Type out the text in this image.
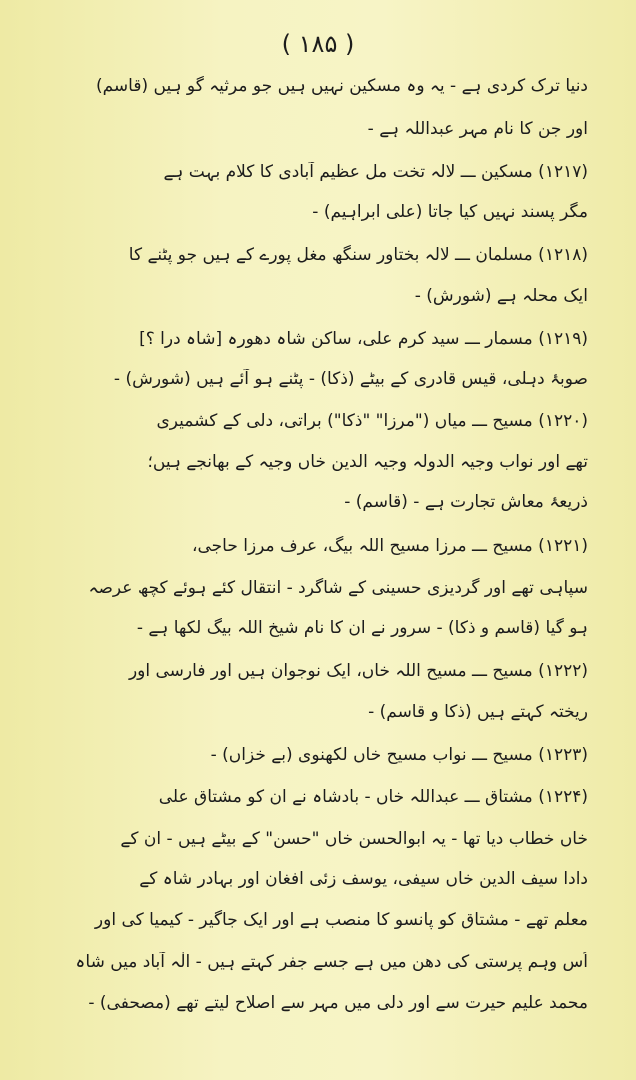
( ۱۸۵ )

دنیا ترک کردی ہے - یہ وہ مسکین نہیں ہیں جو مرثیہ گو ہیں (قاسم)

اور جن کا نام مہر عبداللہ ہے -

(۱۲۱۷) مسکین ـــ لالہ تخت مل عظیم آبادی کا کلام بہت ہے

مگر پسند نہیں کیا جاتا (علی ابراہیم) -

(۱۲۱۸) مسلمان ـــ لالہ بختاور سنگھ مغل پورے کے ہیں جو پٹنے کا

ایک محلہ ہے (شورش) -

(۱۲۱۹) مسمار ـــ سید کرم علی، ساکن شاہ دھورہ [شاہ درا ؟]

صوبۂ دہلی، قیس قادری کے بیٹے (ذکا) - پٹنے ہو آئے ہیں (شورش) -

(۱۲۲۰) مسیح ـــ میاں ("مرزا" "ذکا") براتی، دلی کے کشمیری

تھے اور نواب وجیہ الدولہ وجیہ الدین خاں وجیہ کے بھانجے ہیں؛

ذریعۂ معاش تجارت ہے - (قاسم) -

(۱۲۲۱) مسیح ـــ مرزا مسیح اللہ بیگ، عرف مرزا حاجی،

سپاہی تھے اور گردیزی حسینی کے شاگرد - انتقال کئے ہوئے کچھ عرصہ

ہو گیا (قاسم و ذکا) - سرور نے ان کا نام شیخ اللہ بیگ لکھا ہے -

(۱۲۲۲) مسیح ـــ مسیح اللہ خاں، ایک نوجوان ہیں اور فارسی اور

ریختہ کہتے ہیں (ذکا و قاسم) -

(۱۲۲۳) مسیح ـــ نواب مسیح خاں لکھنوی (بے خزاں) -

(۱۲۲۴) مشتاق ـــ عبداللہ خاں - بادشاہ نے ان کو مشتاق علی

خاں خطاب دیا تھا - یہ ابوالحسن خاں "حسن" کے بیٹے ہیں - ان کے

دادا سیف الدین خاں سیفی، یوسف زئی افغان اور بہادر شاہ کے

معلم تھے - مشتاق کو پانسو کا منصب ہے اور ایک جاگیر - کیمیا کی اور

اُس وہم پرستی کی دھن میں ہے جسے جفر کہتے ہیں - الٰہ آباد میں شاہ

محمد علیم حیرت سے اور دلی میں مہر سے اصلاح لیتے تھے (مصحفی) -
